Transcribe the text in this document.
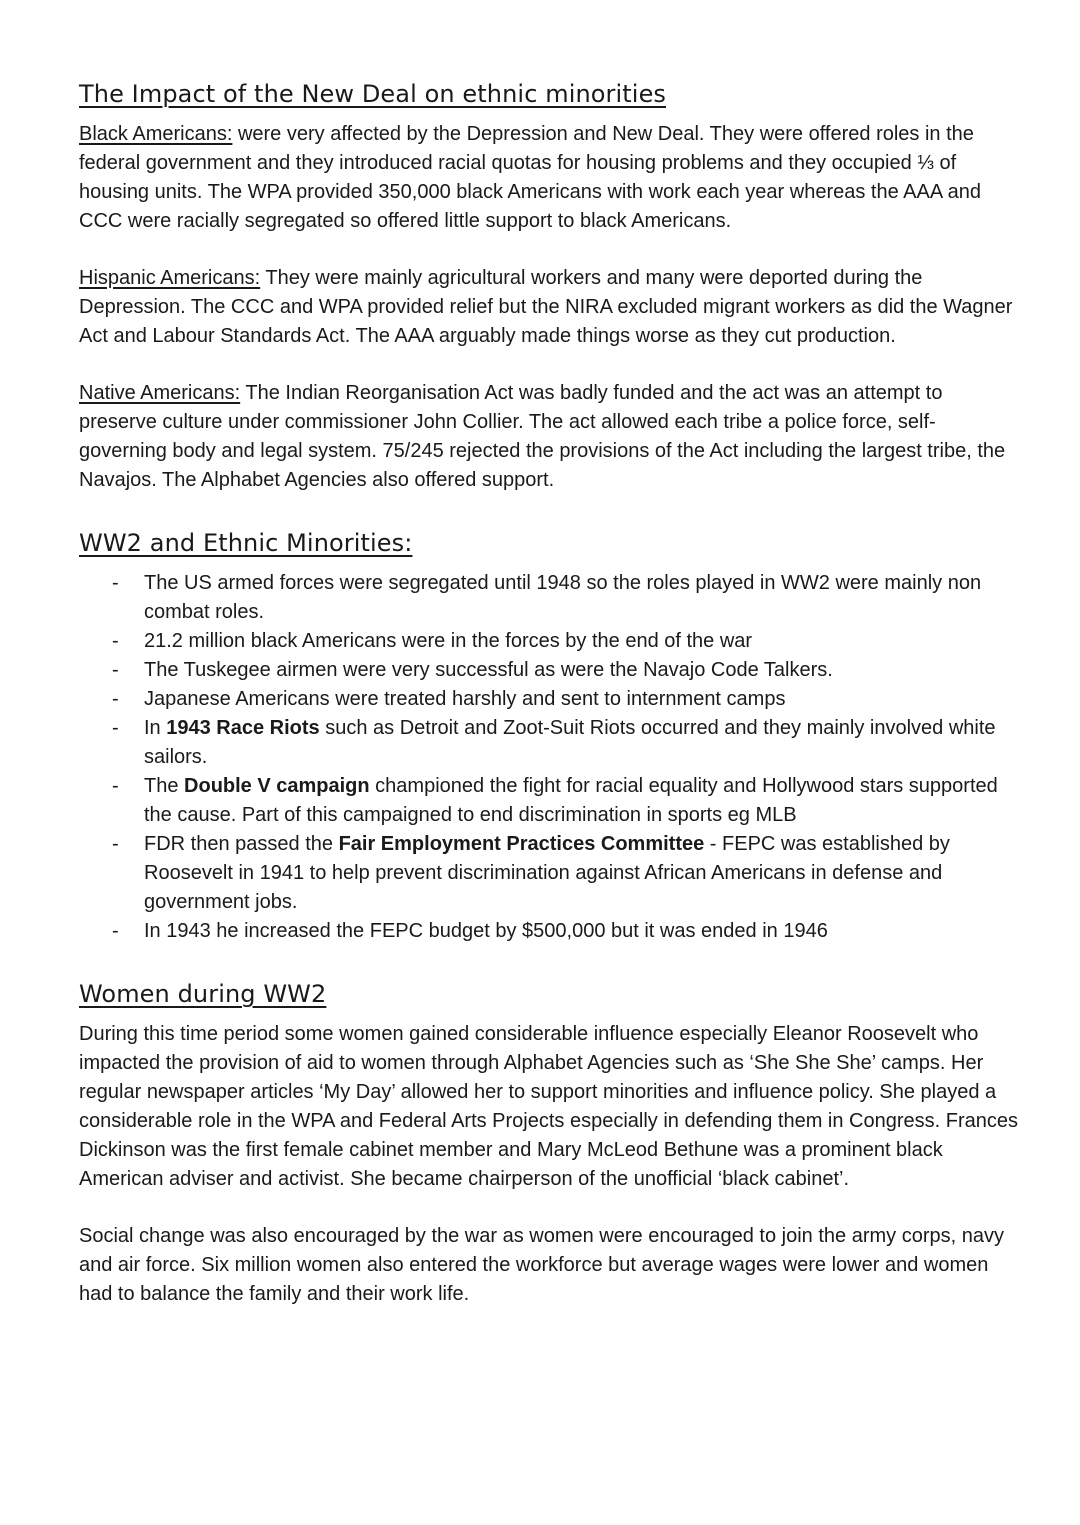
The Impact of the New Deal on ethnic minorities

Black Americans: were very affected by the Depression and New Deal. They were offered roles in the federal government and they introduced racial quotas for housing problems and they occupied ⅓ of housing units. The WPA provided 350,000 black Americans with work each year whereas the AAA and CCC were racially segregated so offered little support to black Americans.

Hispanic Americans: They were mainly agricultural workers and many were deported during the Depression. The CCC and WPA provided relief but the NIRA excluded migrant workers as did the Wagner Act and Labour Standards Act. The AAA arguably made things worse as they cut production.

Native Americans: The Indian Reorganisation Act was badly funded and the act was an attempt to preserve culture under commissioner John Collier. The act allowed each tribe a police force, self-governing body and legal system. 75/245 rejected the provisions of the Act including the largest tribe, the Navajos. The Alphabet Agencies also offered support.

WW2 and Ethnic Minorities:
- The US armed forces were segregated until 1948 so the roles played in WW2 were mainly non combat roles.
- 21.2 million black Americans were in the forces by the end of the war
- The Tuskegee airmen were very successful as were the Navajo Code Talkers.
- Japanese Americans were treated harshly and sent to internment camps
- In 1943 Race Riots such as Detroit and Zoot-Suit Riots occurred and they mainly involved white sailors.
- The Double V campaign championed the fight for racial equality and Hollywood stars supported the cause. Part of this campaigned to end discrimination in sports eg MLB
- FDR then passed the Fair Employment Practices Committee - FEPC was established by Roosevelt in 1941 to help prevent discrimination against African Americans in defense and government jobs.
- In 1943 he increased the FEPC budget by $500,000 but it was ended in 1946
Women during WW2

During this time period some women gained considerable influence especially Eleanor Roosevelt who impacted the provision of aid to women through Alphabet Agencies such as ‘She She She’ camps. Her regular newspaper articles ‘My Day’ allowed her to support minorities and influence policy. She played a considerable role in the WPA and Federal Arts Projects especially in defending them in Congress. Frances Dickinson was the first female cabinet member and Mary McLeod Bethune was a prominent black American adviser and activist. She became chairperson of the unofficial ‘black cabinet’.

Social change was also encouraged by the war as women were encouraged to join the army corps, navy and air force. Six million women also entered the workforce but average wages were lower and women had to balance the family and their work life.
